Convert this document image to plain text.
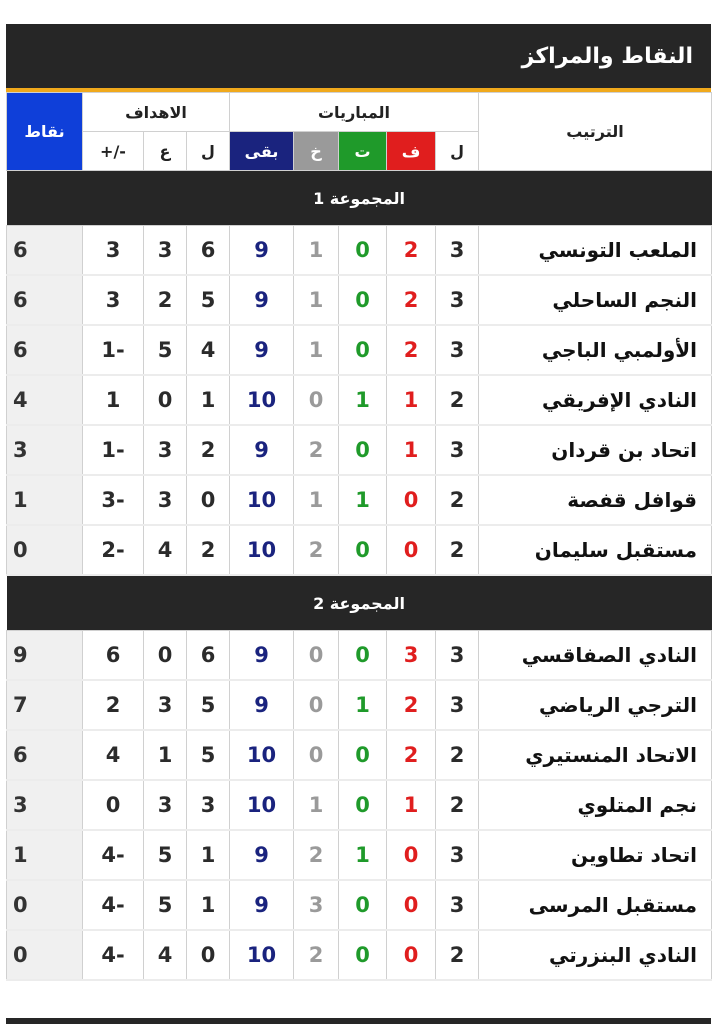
النقاط والمراكز
نقاط	الاهداف			المباريات					الترتيب
	+/-	ع	ل	بقى	خ	ت	ف	ل	
المجموعة 1									
6	3	3	6	9	1	0	2	3	الملعب التونسي
6	3	2	5	9	1	0	2	3	النجم الساحلي
6	1-	5	4	9	1	0	2	3	الأولمبي الباجي
4	1	0	1	10	0	1	1	2	النادي الإفريقي
3	1-	3	2	9	2	0	1	3	اتحاد بن قردان
1	3-	3	0	10	1	1	0	2	قوافل قفصة
0	2-	4	2	10	2	0	0	2	مستقبل سليمان
المجموعة 2									
9	6	0	6	9	0	0	3	3	النادي الصفاقسي
7	2	3	5	9	0	1	2	3	الترجي الرياضي
6	4	1	5	10	0	0	2	2	الاتحاد المنستيري
3	0	3	3	10	1	0	1	2	نجم المتلوي
1	4-	5	1	9	2	1	0	3	اتحاد تطاوين
0	4-	5	1	9	3	0	0	3	مستقبل المرسى
0	4-	4	0	10	2	0	0	2	النادي البنزرتي
